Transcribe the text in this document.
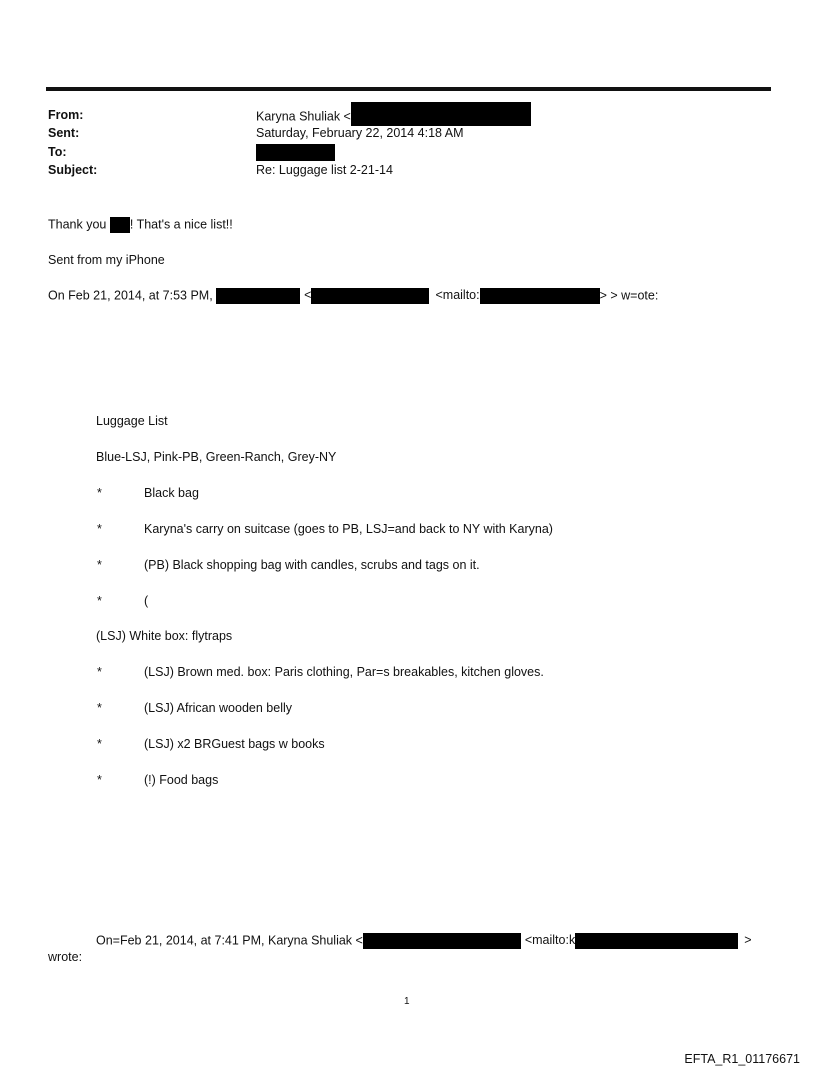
From:	Karyna Shuliak <
Sent:	Saturday, February 22, 2014 4:18 AM
To:
Subject:	Re: Luggage list 2-21-14
Thank you ! That's a nice list!!
Sent from my iPhone
On Feb 21, 2014, at 7:53 PM,	<	<mailto:	> > w=ote:
Luggage List
Blue-LSJ, Pink-PB, Green-Ranch, Grey-NY
*	Black bag
*	Karyna's carry on suitcase (goes to PB, LSJ=and back to NY with Karyna)
*	(PB) Black shopping bag with candles, scrubs and tags on it.
*	(
(LSJ) White box: flytraps
*	(LSJ) Brown med. box: Paris clothing, Par=s breakables, kitchen gloves.
*	(LSJ) African wooden belly
*	(LSJ) x2 BRGuest bags w books
*	(!) Food bags
On=Feb 21, 2014, at 7:41 PM, Karyna Shuliak <	<mailto:k	>
wrote:
1
EFTA_R1_01176671
